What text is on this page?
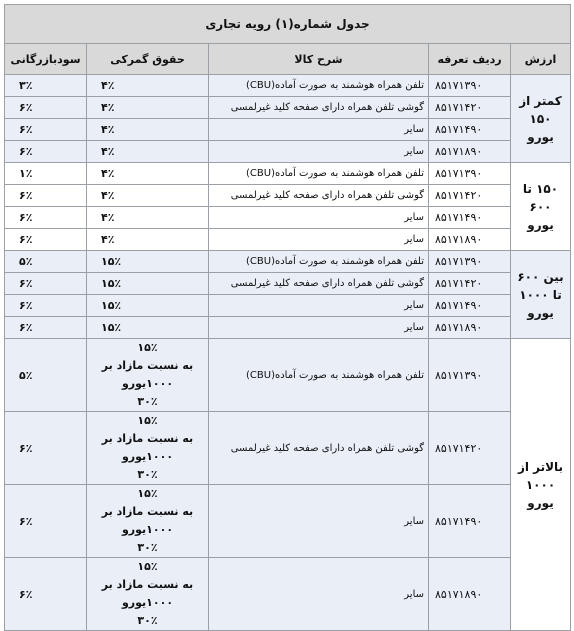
جدول شماره(۱) رویه تجاری				
ارزش	ردیف تعرفه	شرح کالا	حقوق گمرکی	سودبازرگانی
کمتر از ۱۵۰ یورو	۸۵۱۷۱۳۹۰	تلفن همراه هوشمند به صورت آماده(CBU)	۴٪	۳٪
	۸۵۱۷۱۴۲۰	گوشی تلفن همراه دارای صفحه کلید غیرلمسی	۴٪	۶٪
	۸۵۱۷۱۴۹۰	سایر	۴٪	۶٪
	۸۵۱۷۱۸۹۰	سایر	۴٪	۶٪
۱۵۰ تا ۶۰۰ یورو	۸۵۱۷۱۳۹۰	تلفن همراه هوشمند به صورت آماده(CBU)	۴٪	۱٪
	۸۵۱۷۱۴۲۰	گوشی تلفن همراه دارای صفحه کلید غیرلمسی	۴٪	۶٪
	۸۵۱۷۱۴۹۰	سایر	۴٪	۶٪
	۸۵۱۷۱۸۹۰	سایر	۴٪	۶٪
بین ۶۰۰ تا ۱۰۰۰ یورو	۸۵۱۷۱۳۹۰	تلفن همراه هوشمند به صورت آماده(CBU)	۱۵٪	۵٪
	۸۵۱۷۱۴۲۰	گوشی تلفن همراه دارای صفحه کلید غیرلمسی	۱۵٪	۶٪
	۸۵۱۷۱۴۹۰	سایر	۱۵٪	۶٪
	۸۵۱۷۱۸۹۰	سایر	۱۵٪	۶٪
بالاتر از ۱۰۰۰ یورو	۸۵۱۷۱۳۹۰	تلفن همراه هوشمند به صورت آماده(CBU)	۱۵٪
به نسبت مازاد بر ۱۰۰۰یورو
۳۰٪	۵٪
	۸۵۱۷۱۴۲۰	گوشی تلفن همراه دارای صفحه کلید غیرلمسی	۱۵٪
به نسبت مازاد بر ۱۰۰۰یورو
۳۰٪	۶٪
	۸۵۱۷۱۴۹۰	سایر	۱۵٪
به نسبت مازاد بر ۱۰۰۰یورو
۳۰٪	۶٪
	۸۵۱۷۱۸۹۰	سایر	۱۵٪
به نسبت مازاد بر ۱۰۰۰یورو
۳۰٪	۶٪
